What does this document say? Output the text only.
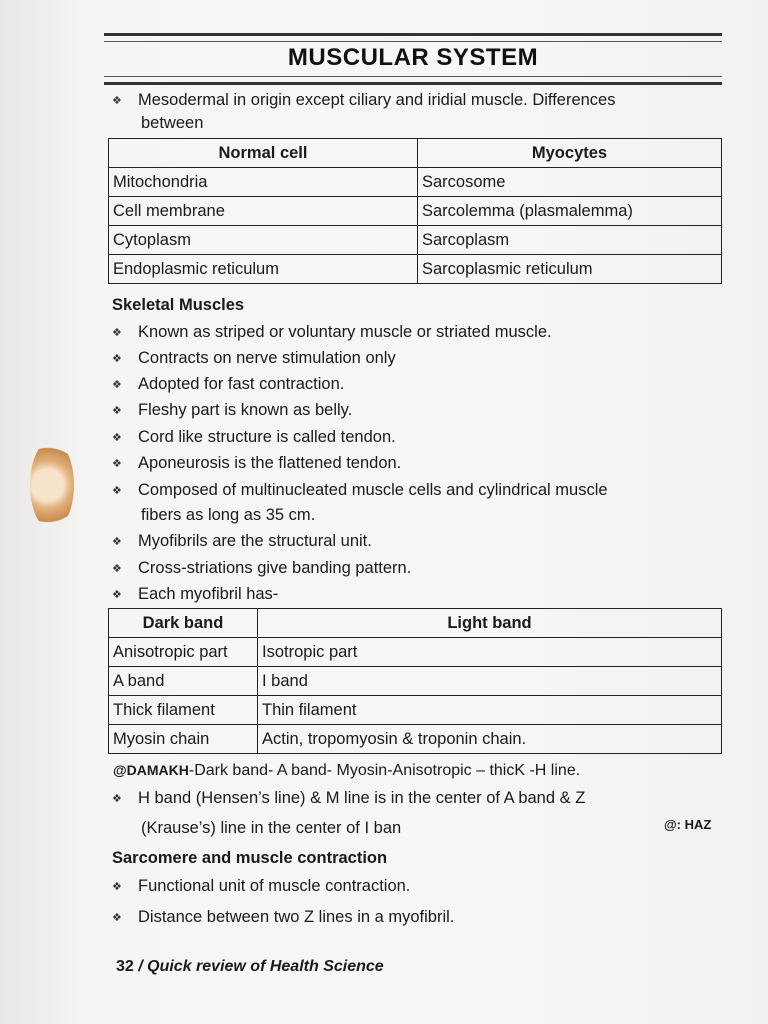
MUSCULAR SYSTEM
❖ Mesodermal in origin except ciliary and iridial muscle. Differences
between
Normal cell	Myocytes
Mitochondria	Sarcosome
Cell membrane	Sarcolemma (plasmalemma)
Cytoplasm	Sarcoplasm
Endoplasmic reticulum	Sarcoplasmic reticulum
Skeletal Muscles
❖ Known as striped or voluntary muscle or striated muscle.
❖ Contracts on nerve stimulation only
❖ Adopted for fast contraction.
❖ Fleshy part is known as belly.
❖ Cord like structure is called tendon.
❖ Aponeurosis is the flattened tendon.
❖ Composed of multinucleated muscle cells and cylindrical muscle
fibers as long as 35 cm.
❖ Myofibrils are the structural unit.
❖ Cross-striations give banding pattern.
❖ Each myofibril has-
Dark band	Light band
Anisotropic part	Isotropic part
A band	I band
Thick filament	Thin filament
Myosin chain	Actin, tropomyosin & troponin chain.
@DAMAKH-Dark band- A band- Myosin-Anisotropic – thicK -H line.
❖ H band (Hensen’s line) & M line is in the center of A band & Z
(Krause’s) line in the center of I ban	@: HAZ
Sarcomere and muscle contraction
❖ Functional unit of muscle contraction.
❖ Distance between two Z lines in a myofibril.
32 / Quick review of Health Science
